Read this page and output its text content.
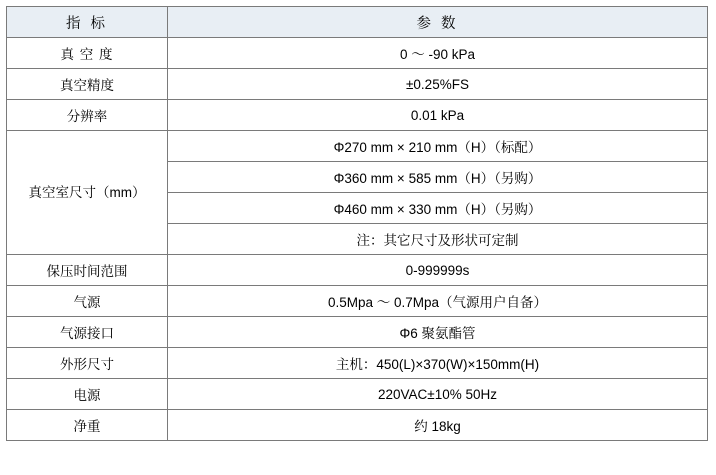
指 标	参 数
真 空 度	0 ～ -90 kPa
真空精度	±0.25%FS
分辨率	0.01 kPa
真空室尺寸（mm）	Φ270 mm × 210 mm（H）（标配）
	Φ360 mm × 585 mm（H）（另购）
	Φ460 mm × 330 mm（H）（另购）
	注：其它尺寸及形状可定制
保压时间范围	0-999999s
气源	0.5Mpa ～ 0.7Mpa（气源用户自备）
气源接口	Φ6 聚氨酯管
外形尺寸	主机：450(L)×370(W)×150mm(H)
电源	220VAC±10% 50Hz
净重	约 18kg
